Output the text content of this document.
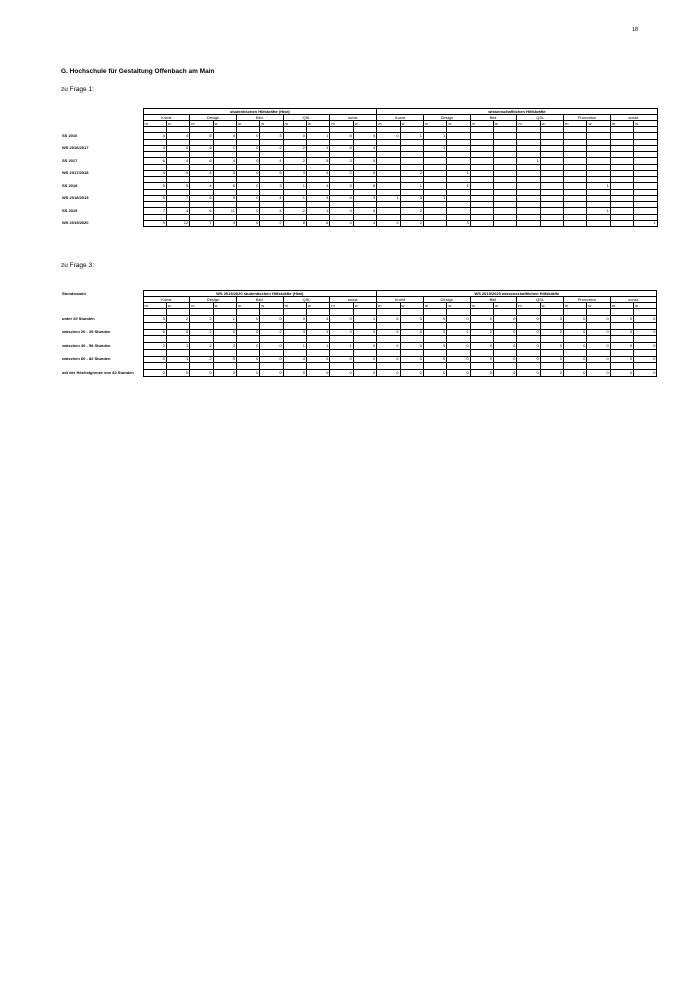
18
G. Hochschule für Gestaltung Offenbach am Main
zu Frage 1:
	studentischen Hilfskräfte (Hiwi)										wissenschaftlichen Hilfskräfte											
	Kunst		Design		Bibl.		QSL		sonst.		Kunst		Design		Bibl.		QSL		Promotion		sonst.	
	m	w	m	w	m	w	m	w	m	w	m	w	m	w	m	w	m	w	m	w	m	w

SS 2016	4	4	5	4	0	3	0	1	6	4	0	1	1									

WS 2016/2017	4	5	6	1	0	2	2	1	4	4			1									

SS 2017	6	4	6	4	0	4	2	5	3	5							1					

WS 2017/2018	4	9	4	4	0	5	3	4	2	5		2		1								

SS 2018	5	5	4	6	0	3	1	4	3	8		1		1						1		

WS 2018/2019	5	7	6	9	0	4	1	3	0	3	1	3	1									

SS 2019	7	4	6	11	0	4	2	1	3	5		2								1		

WS 2019/2020	9	12	7	4	0	2	8	6	4	4	2	2		3								1
zu Frage 3:
Stundenzahl	WS 2019/2020 studentischen Hilfskräfte (Hiwi)										WS 2019/2020 wissenschaftlichen Hilfskräfte											
	Kunst		Design		Bibl.		QSL		sonst.		Kunst		Design		Bibl.		QSL		Promotion		sonst.	
	m	w	m	w	m	w	m	w	m	w	m	w	m	w	m	w	m	w	m	w	m	w

unter 20 Stunden	3	2	2	1	0	0	0	4	0	1	0	0	0	0	0	0	0	0	0	0	0	0

zwischen 20 - 39 Stunden	6	5	2	0	0	2	3	1	0	3	2	3	0	1	0	0	0	0	0	0	0	0

zwischen 40 - 59 Stunden	2	1	2	3	0	0	1	1	1	0	0	0	0	0	0	0	0	0	0	0	0	0

zwischen 60 - 82 Stunden	0	1	2	0	0	0	4	0	0	2	0	0	0	0	0	0	0	0	0	0	0	0

mit der Höchstgrenze von 82 Stunden	0	0	0	0	0	0	0	0	0	0	0	0	0	0	0	0	0	0	0	0	0	0
